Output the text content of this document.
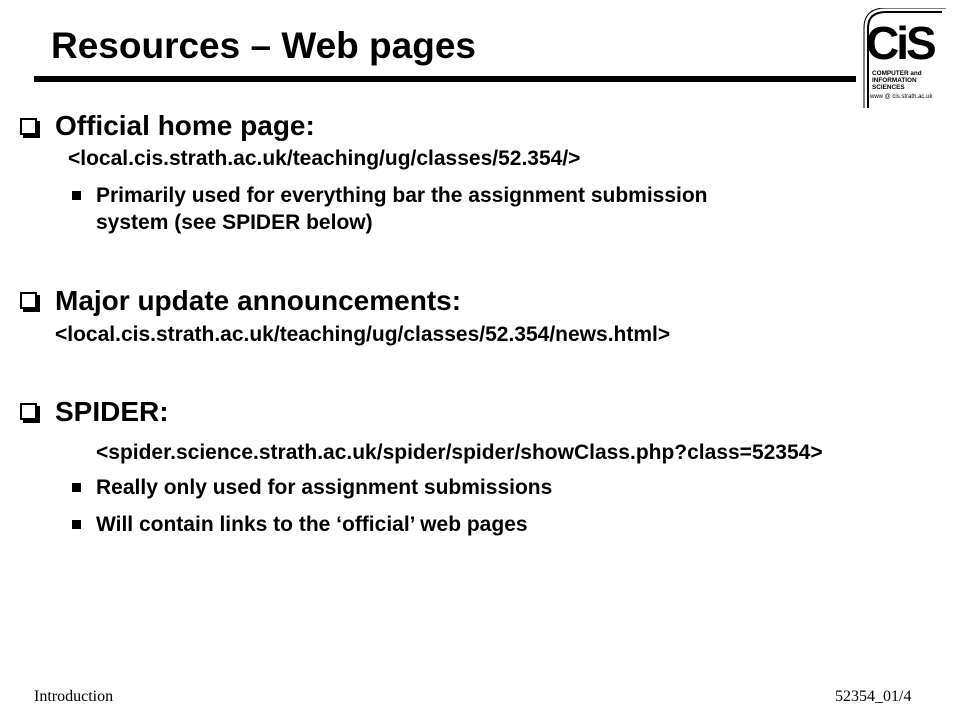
Resources – Web pages	CiS
COMPUTER and
INFORMATION
SCIENCES
www @ cis.strath.ac.uk
Official home page:
<local.cis.strath.ac.uk/teaching/ug/classes/52.354/>
Primarily used for everything bar the assignment submission
system (see SPIDER below)
Major update announcements:
<local.cis.strath.ac.uk/teaching/ug/classes/52.354/news.html>
SPIDER:
<spider.science.strath.ac.uk/spider/spider/showClass.php?class=52354>
Really only used for assignment submissions
Will contain links to the ‘official’ web pages
Introduction	52354_01/4
